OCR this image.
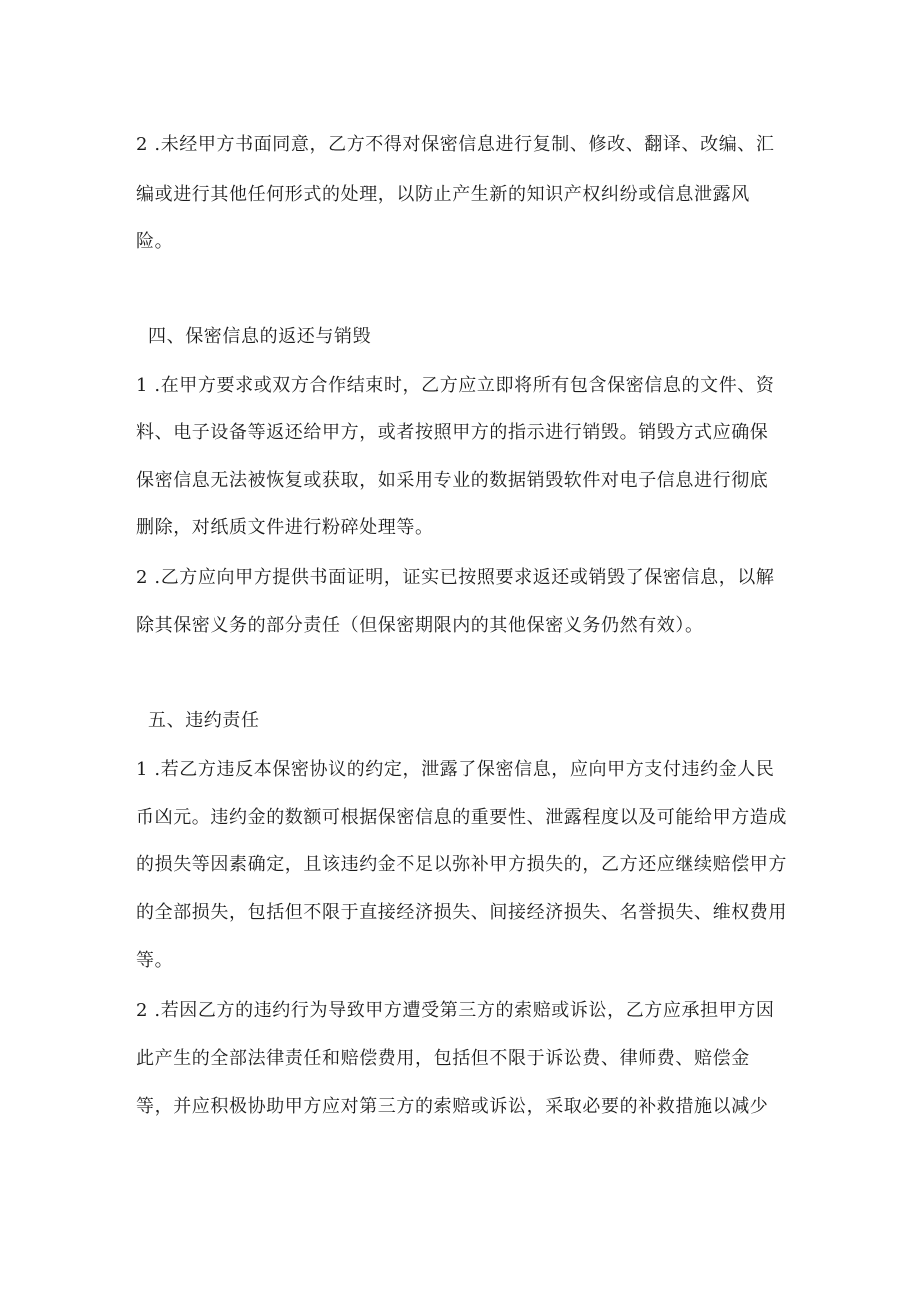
2 .未经甲方书面同意，乙方不得对保密信息进行复制、修改、翻译、改编、汇
编或进行其他任何形式的处理，以防止产生新的知识产权纠纷或信息泄露风
险。
四、保密信息的返还与销毁
1 .在甲方要求或双方合作结束时，乙方应立即将所有包含保密信息的文件、资
料、电子设备等返还给甲方，或者按照甲方的指示进行销毁。销毁方式应确保
保密信息无法被恢复或获取，如采用专业的数据销毁软件对电子信息进行彻底
删除，对纸质文件进行粉碎处理等。
2 .乙方应向甲方提供书面证明，证实已按照要求返还或销毁了保密信息，以解
除其保密义务的部分责任（但保密期限内的其他保密义务仍然有效）。
五、违约责任
1 .若乙方违反本保密协议的约定，泄露了保密信息，应向甲方支付违约金人民
币凶元。违约金的数额可根据保密信息的重要性、泄露程度以及可能给甲方造成
的损失等因素确定，且该违约金不足以弥补甲方损失的，乙方还应继续赔偿甲方
的全部损失，包括但不限于直接经济损失、间接经济损失、名誉损失、维权费用
等。
2 .若因乙方的违约行为导致甲方遭受第三方的索赔或诉讼，乙方应承担甲方因
此产生的全部法律责任和赔偿费用，包括但不限于诉讼费、律师费、赔偿金
等，并应积极协助甲方应对第三方的索赔或诉讼，采取必要的补救措施以减少
